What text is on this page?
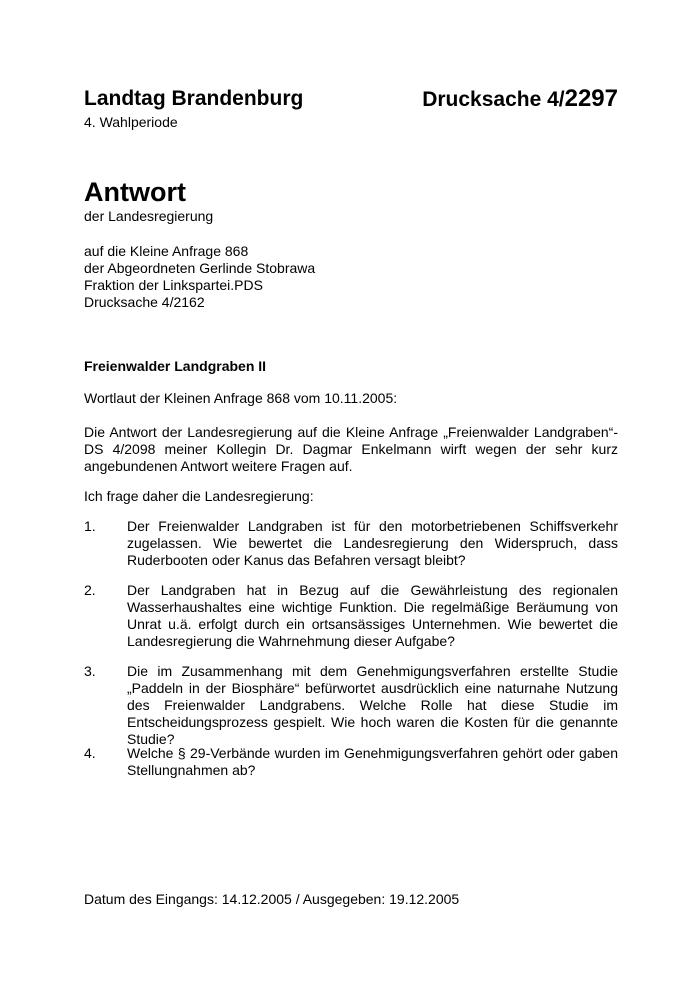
Landtag Brandenburg
4. Wahlperiode
Drucksache 4/2297
Antwort
der Landesregierung
auf die Kleine Anfrage 868
der Abgeordneten Gerlinde Stobrawa
Fraktion der Linkspartei.PDS
Drucksache 4/2162
Freienwalder Landgraben II
Wortlaut der Kleinen Anfrage 868 vom 10.11.2005:
Die Antwort der Landesregierung auf die Kleine Anfrage „Freienwalder Landgraben“- DS 4/2098 meiner Kollegin Dr. Dagmar Enkelmann wirft wegen der sehr kurz angebundenen Antwort weitere Fragen auf.
Ich frage daher die Landesregierung:
1. Der Freienwalder Landgraben ist für den motorbetriebenen Schiffsverkehr zugelassen. Wie bewertet die Landesregierung den Widerspruch, dass Ruderbooten oder Kanus das Befahren versagt bleibt?
2. Der Landgraben hat in Bezug auf die Gewährleistung des regionalen Wasserhaushaltes eine wichtige Funktion. Die regelmäßige Beräumung von Unrat u.ä. erfolgt durch ein ortsansässiges Unternehmen. Wie bewertet die Landesregierung die Wahrnehmung dieser Aufgabe?
3. Die im Zusammenhang mit dem Genehmigungsverfahren erstellte Studie „Paddeln in der Biosphäre“ befürwortet ausdrücklich eine naturnahe Nutzung des Freienwalder Landgrabens. Welche Rolle hat diese Studie im Entscheidungsprozess gespielt. Wie hoch waren die Kosten für die genannte Studie?
4. Welche § 29-Verbände wurden im Genehmigungsverfahren gehört oder gaben Stellungnahmen ab?
Datum des Eingangs: 14.12.2005 / Ausgegeben: 19.12.2005
